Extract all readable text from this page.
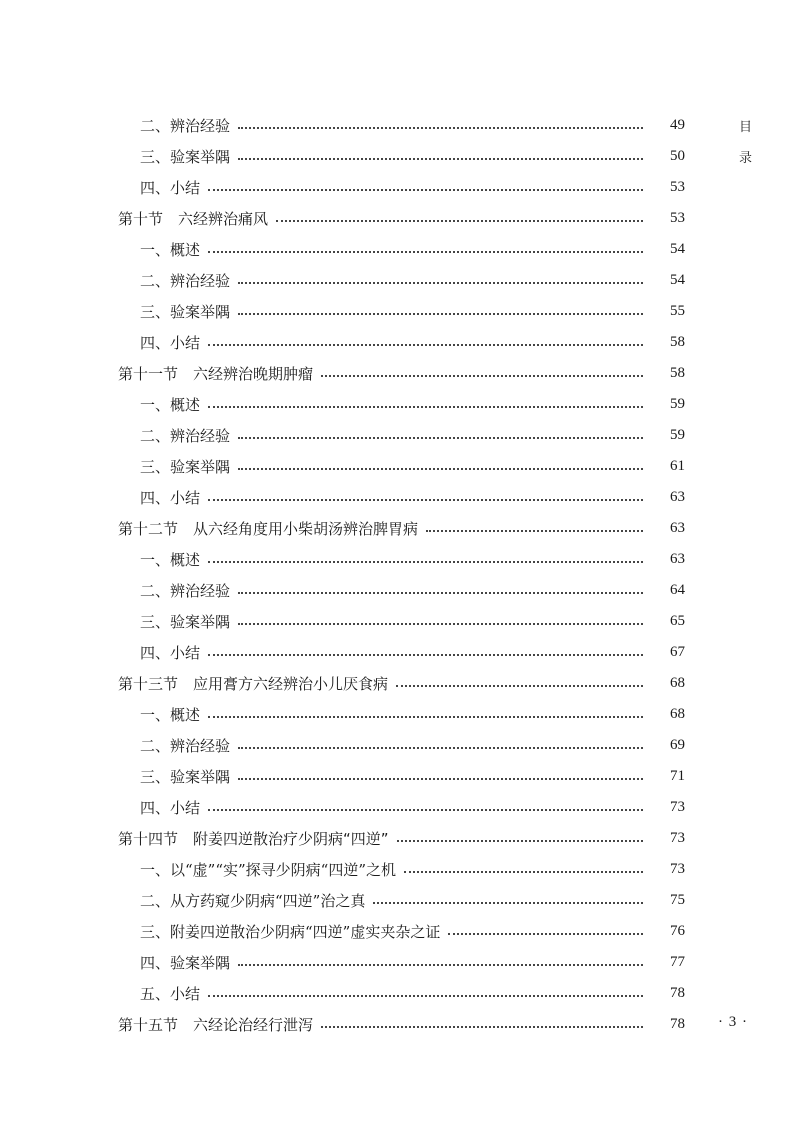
二、辨治经验	49
三、验案举隅	50
四、小结	53
第十节　六经辨治痛风	53
一、概述	54
二、辨治经验	54
三、验案举隅	55
四、小结	58
第十一节　六经辨治晚期肿瘤	58
一、概述	59
二、辨治经验	59
三、验案举隅	61
四、小结	63
第十二节　从六经角度用小柴胡汤辨治脾胃病	63
一、概述	63
二、辨治经验	64
三、验案举隅	65
四、小结	67
第十三节　应用膏方六经辨治小儿厌食病	68
一、概述	68
二、辨治经验	69
三、验案举隅	71
四、小结	73
第十四节　附姜四逆散治疗少阴病“四逆”	73
一、以“虚”“实”探寻少阴病“四逆”之机	73
二、从方药窥少阴病“四逆”治之真	75
三、附姜四逆散治少阴病“四逆”虚实夹杂之证	76
四、验案举隅	77
五、小结	78
第十五节　六经论治经行泄泻	78
目
录
· 3 ·
